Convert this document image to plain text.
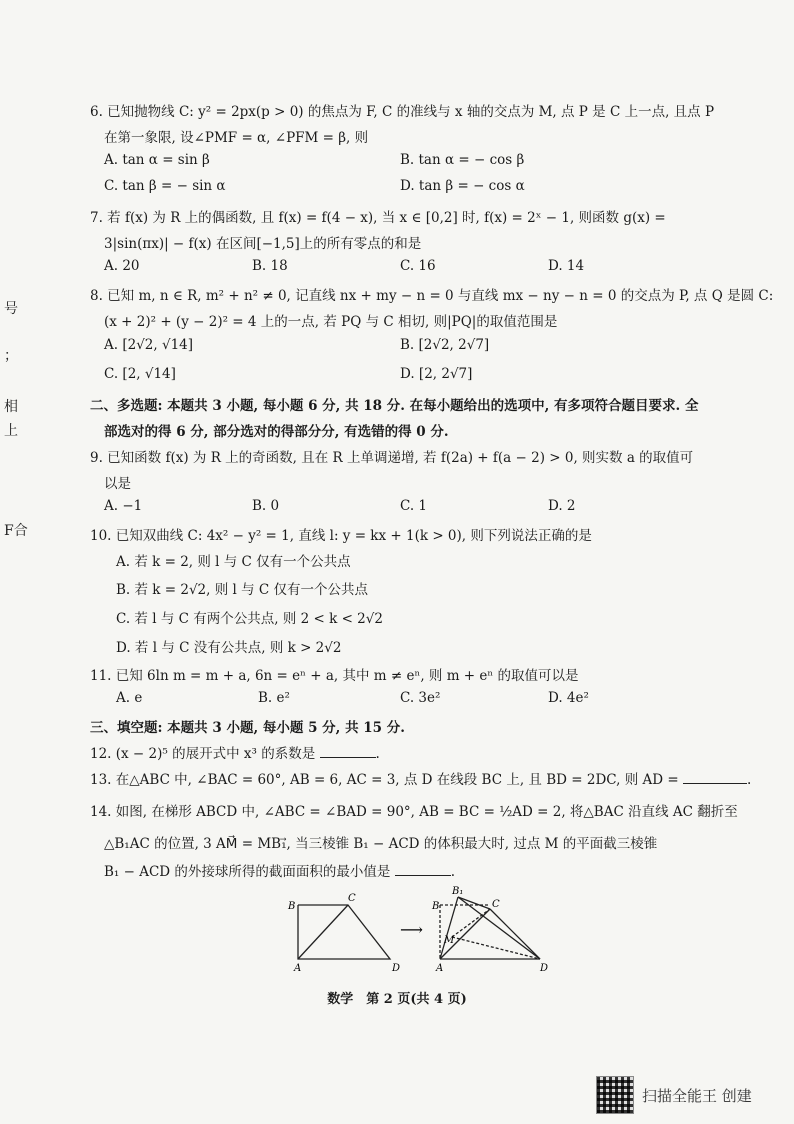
号
；
相
上
F合
6. 已知抛物线 C: y² = 2px(p > 0) 的焦点为 F, C 的准线与 x 轴的交点为 M, 点 P 是 C 上一点, 且点 P
在第一象限, 设∠PMF = α, ∠PFM = β, 则
A. tan α = sin β	B. tan α = − cos β
C. tan β = − sin α	D. tan β = − cos α
7. 若 f(x) 为 R 上的偶函数, 且 f(x) = f(4 − x), 当 x ∈ [0,2] 时, f(x) = 2ˣ − 1, 则函数 g(x) =
3|sin(πx)| − f(x) 在区间[−1,5]上的所有零点的和是
A. 20	B. 18	C. 16	D. 14
8. 已知 m, n ∈ R, m² + n² ≠ 0, 记直线 nx + my − n = 0 与直线 mx − ny − n = 0 的交点为 P, 点 Q 是圆 C:
(x + 2)² + (y − 2)² = 4 上的一点, 若 PQ 与 C 相切, 则|PQ|的取值范围是
A. [2√2, √14]	B. [2√2, 2√7]
C. [2, √14]	D. [2, 2√7]
二、多选题: 本题共 3 小题, 每小题 6 分, 共 18 分. 在每小题给出的选项中, 有多项符合题目要求. 全
部选对的得 6 分, 部分选对的得部分分, 有选错的得 0 分.
9. 已知函数 f(x) 为 R 上的奇函数, 且在 R 上单调递增, 若 f(2a) + f(a − 2) > 0, 则实数 a 的取值可
以是
A. −1	B. 0	C. 1	D. 2
10. 已知双曲线 C: 4x² − y² = 1, 直线 l: y = kx + 1(k > 0), 则下列说法正确的是
A. 若 k = 2, 则 l 与 C 仅有一个公共点
B. 若 k = 2√2, 则 l 与 C 仅有一个公共点
C. 若 l 与 C 有两个公共点, 则 2 < k < 2√2
D. 若 l 与 C 没有公共点, 则 k > 2√2
11. 已知 6ln m = m + a, 6n = eⁿ + a, 其中 m ≠ eⁿ, 则 m + eⁿ 的取值可以是
A. e	B. e²	C. 3e²	D. 4e²
三、填空题: 本题共 3 小题, 每小题 5 分, 共 15 分.
12. (x − 2)⁵ 的展开式中 x³ 的系数是	.
13. 在△ABC 中, ∠BAC = 60°, AB = 6, AC = 3, 点 D 在线段 BC 上, 且 BD = 2DC, 则 AD =	.
14. 如图, 在梯形 ABCD 中, ∠ABC = ∠BAD = 90°, AB = BC = ½AD = 2, 将△BAC 沿直线 AC 翻折至
△B₁AC 的位置, 3 AM⃗ = MB₁⃗, 当三棱锥 B₁ − ACD 的体积最大时, 过点 M 的平面截三棱锥
B₁ − ACD 的外接球所得的截面面积的最小值是	.
B
C
A	D
⟶
B
B₁
C
M
A	D
数学　第 2 页(共 4 页)
扫描全能王 创建
